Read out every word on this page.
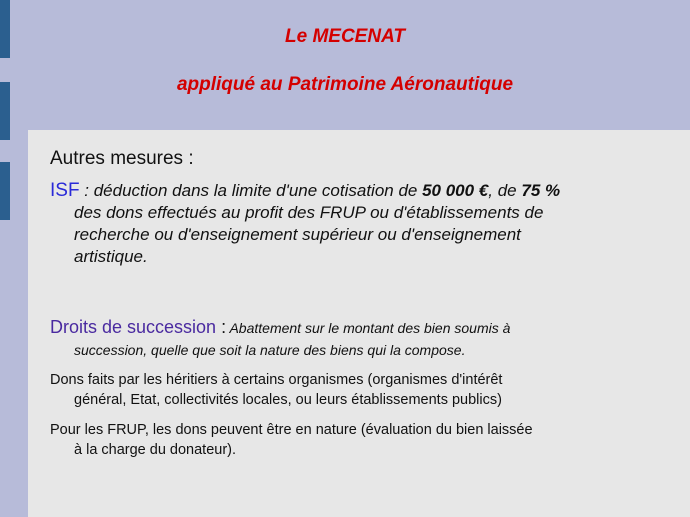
Le MECENAT
appliqué au Patrimoine Aéronautique
Autres mesures :
ISF : déduction dans la limite d'une cotisation de 50 000 €, de 75 %
des dons effectués au profit des FRUP ou d'établissements de
recherche ou d'enseignement supérieur ou d'enseignement
artistique.
Droits de succession : Abattement sur le montant des bien soumis à
succession, quelle que soit la nature des biens qui la compose.
Dons faits par les héritiers à certains organismes (organismes d'intérêt
général, Etat, collectivités locales, ou leurs établissements publics)
Pour les FRUP, les dons peuvent être en nature (évaluation du bien laissée
à la charge du donateur).
